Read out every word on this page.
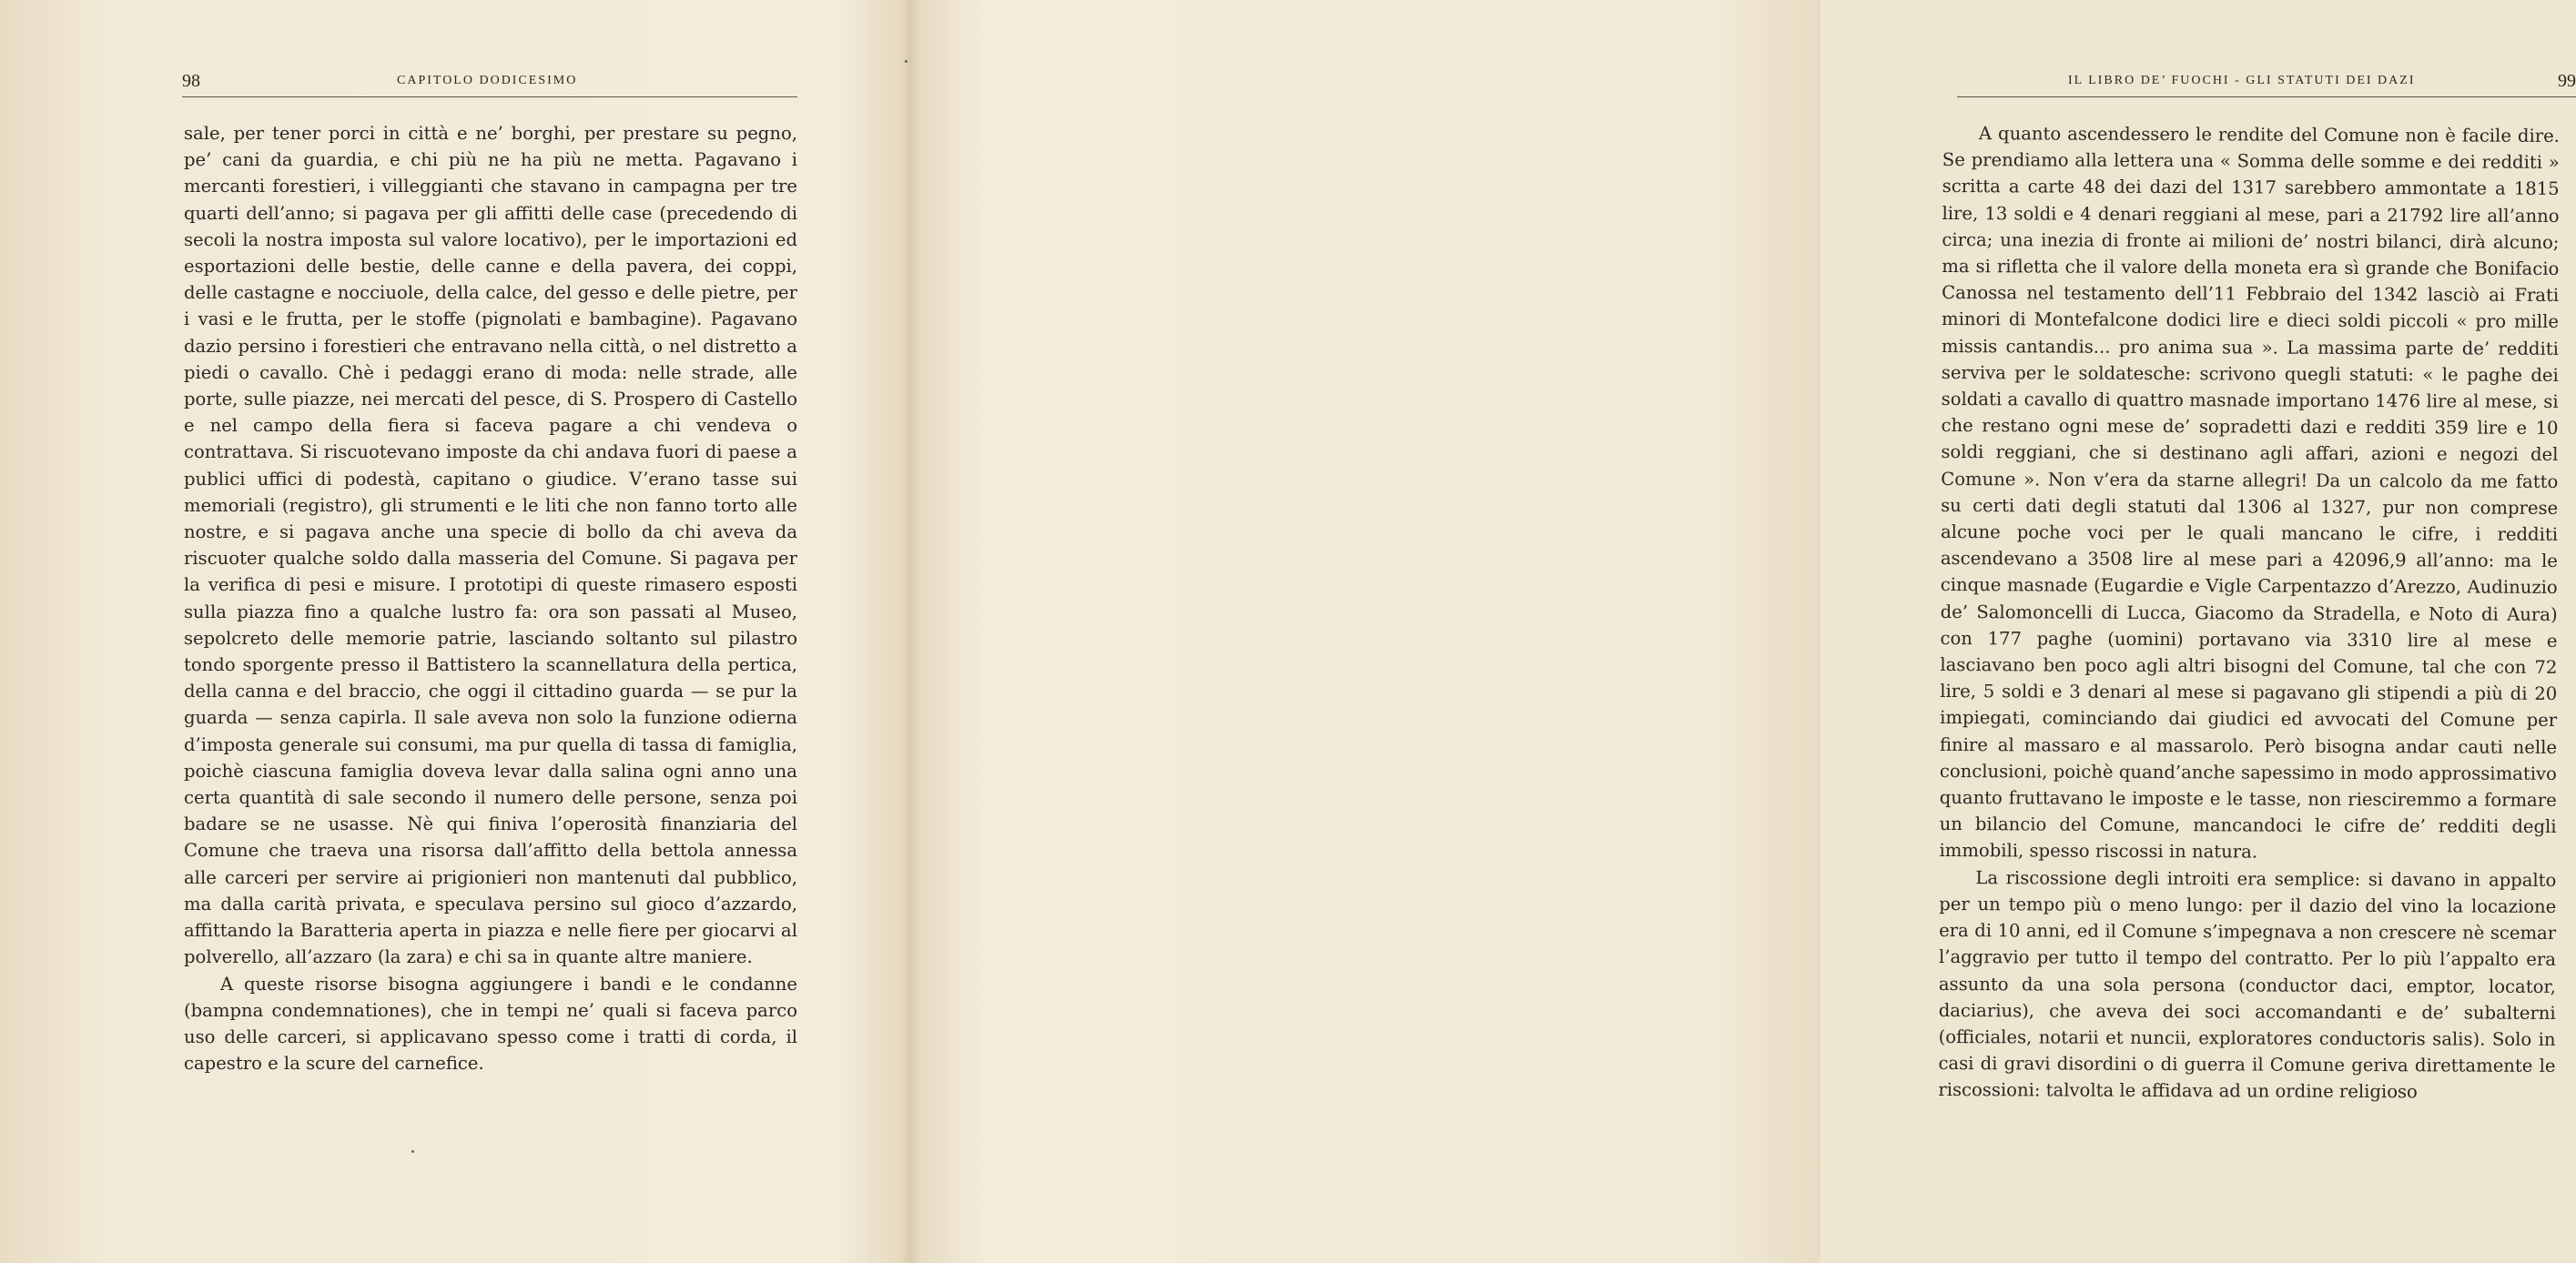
98	CAPITOLO DODICESIMO

sale, per tener porci in città e ne’ borghi, per prestare su pegno, pe’ cani da guardia, e chi più ne ha più ne metta. Pagavano i mercanti forestieri, i villeggianti che stavano in campagna per tre quarti dell’anno; si pagava per gli affitti delle case (precedendo di secoli la nostra imposta sul valore locativo), per le importazioni ed esportazioni delle bestie, delle canne e della pavera, dei coppi, delle castagne e nocciuole, della calce, del gesso e delle pietre, per i vasi e le frutta, per le stoffe (pignolati e bambagine). Pagavano dazio persino i forestieri che entravano nella città, o nel distretto a piedi o cavallo. Chè i pedaggi erano di moda: nelle strade, alle porte, sulle piazze, nei mercati del pesce, di S. Prospero di Castello e nel campo della fiera si faceva pagare a chi vendeva o contrattava. Si riscuotevano imposte da chi andava fuori di paese a publici uffici di podestà, capitano o giudice. V’erano tasse sui memoriali (registro), gli strumenti e le liti che non fanno torto alle nostre, e si pagava anche una specie di bollo da chi aveva da riscuoter qualche soldo dalla masseria del Comune. Si pagava per la verifica di pesi e misure. I prototipi di queste rimasero esposti sulla piazza fino a qualche lustro fa: ora son passati al Museo, sepolcreto delle memorie patrie, lasciando soltanto sul pilastro tondo sporgente presso il Battistero la scannellatura della pertica, della canna e del braccio, che oggi il cittadino guarda — se pur la guarda — senza capirla. Il sale aveva non solo la funzione odierna d’imposta generale sui consumi, ma pur quella di tassa di famiglia, poichè ciascuna famiglia doveva levar dalla salina ogni anno una certa quantità di sale secondo il numero delle persone, senza poi badare se ne usasse. Nè qui finiva l’operosità finanziaria del Comune che traeva una risorsa dall’affitto della bettola annessa alle carceri per servire ai prigionieri non mantenuti dal pubblico, ma dalla carità privata, e speculava persino sul gioco d’azzardo, affittando la Baratteria aperta in piazza e nelle fiere per giocarvi al polverello, all’azzaro (la zara) e chi sa in quante altre maniere.

A queste risorse bisogna aggiungere i bandi e le condanne (bampna condemnationes), che in tempi ne’ quali si faceva parco uso delle carceri, si applicavano spesso come i tratti di corda, il capestro e la scure del carnefice.

IL LIBRO DE’ FUOCHI - GLI STATUTI DEI DAZI	99

A quanto ascendessero le rendite del Comune non è facile dire. Se prendiamo alla lettera una « Somma delle somme e dei redditi » scritta a carte 48 dei dazi del 1317 sarebbero ammontate a 1815 lire, 13 soldi e 4 denari reggiani al mese, pari a 21792 lire all’anno circa; una inezia di fronte ai milioni de’ nostri bilanci, dirà alcuno; ma si rifletta che il valore della moneta era sì grande che Bonifacio Canossa nel testamento dell’11 Febbraio del 1342 lasciò ai Frati minori di Montefalcone dodici lire e dieci soldi piccoli « pro mille missis cantandis... pro anima sua ». La massima parte de’ redditi serviva per le soldatesche: scrivono quegli statuti: « le paghe dei soldati a cavallo di quattro masnade importano 1476 lire al mese, si che restano ogni mese de’ sopradetti dazi e redditi 359 lire e 10 soldi reggiani, che si destinano agli affari, azioni e negozi del Comune ». Non v’era da starne allegri! Da un calcolo da me fatto su certi dati degli statuti dal 1306 al 1327, pur non comprese alcune poche voci per le quali mancano le cifre, i redditi ascendevano a 3508 lire al mese pari a 42096,9 all’anno: ma le cinque masnade (Eugardie e Vigle Carpentazzo d’Arezzo, Audinuzio de’ Salomoncelli di Lucca, Giacomo da Stradella, e Noto di Aura) con 177 paghe (uomini) portavano via 3310 lire al mese e lasciavano ben poco agli altri bisogni del Comune, tal che con 72 lire, 5 soldi e 3 denari al mese si pagavano gli stipendi a più di 20 impiegati, cominciando dai giudici ed avvocati del Comune per finire al massaro e al massarolo. Però bisogna andar cauti nelle conclusioni, poichè quand’anche sapessimo in modo approssimativo quanto fruttavano le imposte e le tasse, non riesciremmo a formare un bilancio del Comune, mancandoci le cifre de’ redditi degli immobili, spesso riscossi in natura.

La riscossione degli introiti era semplice: si davano in appalto per un tempo più o meno lungo: per il dazio del vino la locazione era di 10 anni, ed il Comune s’impegnava a non crescere nè scemar l’aggravio per tutto il tempo del contratto. Per lo più l’appalto era assunto da una sola persona (conductor daci, emptor, locator, daciarius), che aveva dei soci accomandanti e de’ subalterni (officiales, notarii et nuncii, exploratores conductoris salis). Solo in casi di gravi disordini o di guerra il Comune geriva direttamente le riscossioni: talvolta le affidava ad un ordine religioso
